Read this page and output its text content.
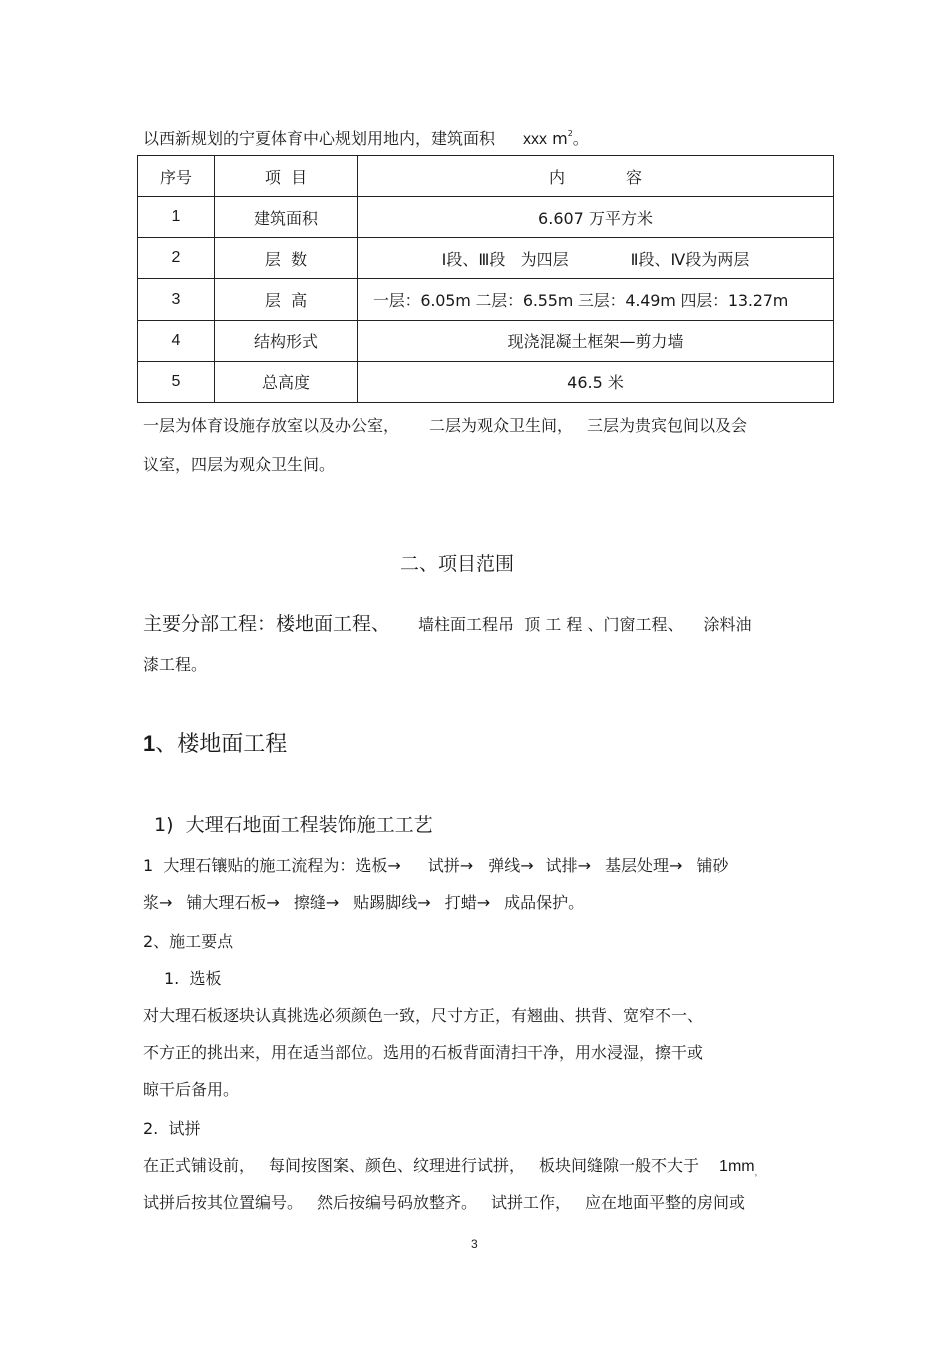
以西新规划的宁夏体育中心规划用地内，建筑面积 xxx $m^2$。
序号	项  目	内            容
1	建筑面积	6.607 万平方米
2	层  数	Ⅰ段、Ⅲ段   为四层 Ⅱ段、Ⅳ段为两层
3	层  高	一层：6.05m 二层：6.55m 三层：4.49m 四层：13.27m
4	结构形式	现浇混凝土框架—剪力墙
5	总高度	46.5 米
一层为体育设施存放室以及办公室， 二层为观众卫生间， 三层为贵宾包间以及会
议室，四层为观众卫生间。
二、项目范围
主要分部工程：楼地面工程、 墙柱面工程吊  顶 工 程 、门窗工程、 涂料油
漆工程。
1、楼地面工程
1)  大理石地面工程装饰施工工艺
1  大理石镶贴的施工流程为：选板→ 试拼→ 弹线→ 试排→ 基层处理→ 铺砂
浆→ 铺大理石板→ 擦缝→ 贴踢脚线→ 打蜡→ 成品保护。
2、施工要点
1.  选板
对大理石板逐块认真挑选必须颜色一致，尺寸方正，有翘曲、拱背、宽窄不一、
不方正的挑出来，用在适当部位。选用的石板背面清扫干净，用水浸湿，擦干或
晾干后备用。
2.  试拼
在正式铺设前， 每间按图案、颜色、纹理进行试拼， 板块间缝隙一般不大于 $1mm_,$
试拼后按其位置编号。 然后按编号码放整齐。 试拼工作， 应在地面平整的房间或
3
